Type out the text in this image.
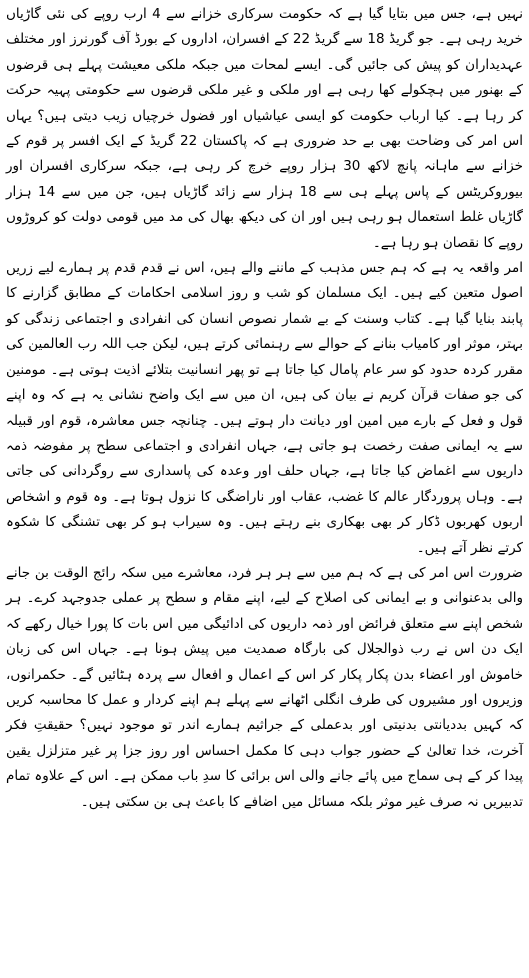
نہیں ہے، جس میں بتایا گیا ہے کہ حکومت سرکاری خزانے سے 4 ارب روپے کی نئی گاڑیاں خرید رہی ہے۔ جو گریڈ 18 سے گریڈ 22 کے افسران، اداروں کے بورڈ آف گورنرز اور مختلف عہدیداران کو پیش کی جائیں گی۔ ایسے لمحات میں جبکہ ملکی معیشت پہلے ہی قرضوں کے بھنور میں ہچکولے کھا رہی ہے اور ملکی و غیر ملکی قرضوں سے حکومتی پہیہ حرکت کر رہا ہے۔ کیا ارباب حکومت کو ایسی عیاشیاں اور فضول خرچیاں زیب دیتی ہیں؟ یہاں اس امر کی وضاحت بھی بے حد ضروری ہے کہ پاکستان 22 گریڈ کے ایک افسر پر قوم کے خزانے سے ماہانہ پانچ لاکھ 30 ہزار روپے خرچ کر رہی ہے، جبکہ سرکاری افسران اور بیوروکریٹس کے پاس پہلے ہی سے 18 ہزار سے زائد گاڑیاں ہیں، جن میں سے 14 ہزار گاڑیاں غلط استعمال ہو رہی ہیں اور ان کی دیکھ بھال کی مد میں قومی دولت کو کروڑوں روپے کا نقصان ہو رہا ہے۔

امر واقعہ یہ ہے کہ ہم جس مذہب کے ماننے والے ہیں، اس نے قدم قدم پر ہمارے لیے زریں اصول متعین کیے ہیں۔ ایک مسلمان کو شب و روز اسلامی احکامات کے مطابق گزارنے کا پابند بنایا گیا ہے۔ کتاب وسنت کے بے شمار نصوص انسان کی انفرادی و اجتماعی زندگی کو بہتر، موثر اور کامیاب بنانے کے حوالے سے رہنمائی کرتے ہیں، لیکن جب اللہ رب العالمین کی مقرر کردہ حدود کو سر عام پامال کیا جاتا ہے تو پھر انسانیت بتلائے اذیت ہوتی ہے۔ مومنین کی جو صفات قرآن کریم نے بیان کی ہیں، ان میں سے ایک واضح نشانی یہ ہے کہ وہ اپنے قول و فعل کے بارے میں امین اور دیانت دار ہوتے ہیں۔ چنانچہ جس معاشرہ، قوم اور قبیلہ سے یہ ایمانی صفت رخصت ہو جاتی ہے، جہاں انفرادی و اجتماعی سطح پر مفوضہ ذمہ داریوں سے اغماض کیا جاتا ہے، جہاں حلف اور وعدہ کی پاسداری سے روگردانی کی جاتی ہے۔ وہاں پروردگار عالم کا غضب، عقاب اور ناراضگی کا نزول ہوتا ہے۔ وہ قوم و اشخاص اربوں کھربوں ڈکار کر بھی بھکاری بنے رہتے ہیں۔ وہ سیراب ہو کر بھی تشنگی کا شکوہ کرتے نظر آتے ہیں۔

ضرورت اس امر کی ہے کہ ہم میں سے ہر ہر فرد، معاشرے میں سکہ رائج الوقت بن جانے والی بدعنوانی و بے ایمانی کی اصلاح کے لیے، اپنے مقام و سطح پر عملی جدوجہد کرے۔ ہر شخص اپنے سے متعلق فرائض اور ذمہ داریوں کی ادائیگی میں اس بات کا پورا خیال رکھے کہ ایک دن اس نے رب ذوالجلال کی بارگاہ صمدیت میں پیش ہونا ہے۔ جہاں اس کی زبان خاموش اور اعضاء بدن پکار پکار کر اس کے اعمال و افعال سے پردہ ہٹائیں گے۔ حکمرانوں، وزیروں اور مشیروں کی طرف انگلی اٹھانے سے پہلے ہم اپنے کردار و عمل کا محاسبہ کریں کہ کہیں بددیانتی بدنیتی اور بدعملی کے جراثیم ہمارے اندر تو موجود نہیں؟ حقیقتِ فکر آخرت، خدا تعالیٰ کے حضور جواب دہی کا مکمل احساس اور روز جزا پر غیر متزلزل یقین پیدا کر کے ہی سماج میں پائے جانے والی اس برائی کا سدِ باب ممکن ہے۔ اس کے علاوہ تمام تدبیریں نہ صرف غیر موثر بلکہ مسائل میں اضافے کا باعث ہی بن سکتی ہیں۔
